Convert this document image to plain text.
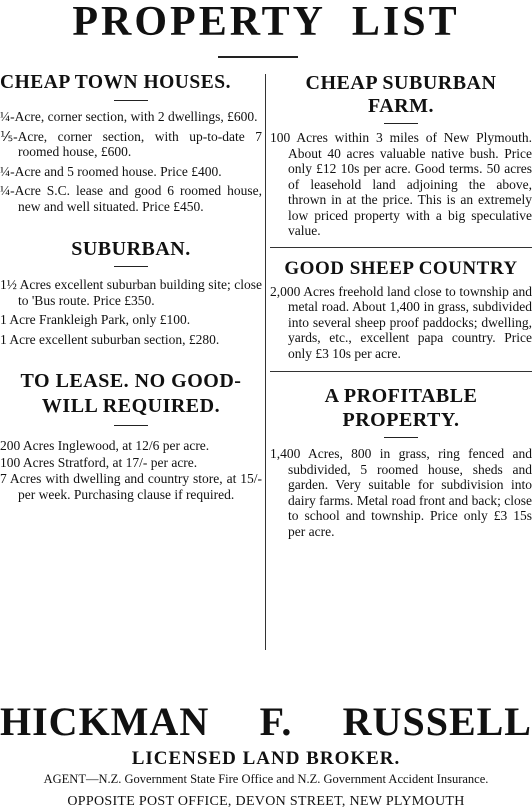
PROPERTY LIST
CHEAP TOWN HOUSES.

¼-Acre, corner section, with 2 dwellings, £600.

⅕-Acre, corner section, with up-to-date 7 roomed house, £600.

¼-Acre and 5 roomed house. Price £400.

¼-Acre S.C. lease and good 6 roomed house, new and well situated. Price £450.

SUBURBAN.

1½ Acres excellent suburban building site; close to 'Bus route. Price £350.

1 Acre Frankleigh Park, only £100.

1 Acre excellent suburban section, £280.

TO LEASE. NO GOOD-WILL REQUIRED.

200 Acres Inglewood, at 12/6 per acre.

100 Acres Stratford, at 17/- per acre.

7 Acres with dwelling and country store, at 15/- per week. Purchasing clause if required.

CHEAP SUBURBAN FARM.

100 Acres within 3 miles of New Plymouth. About 40 acres valuable native bush. Price only £12 10s per acre. Good terms. 50 acres of leasehold land adjoining the above, thrown in at the price. This is an extremely low priced property with a big speculative value.

GOOD SHEEP COUNTRY

2,000 Acres freehold land close to township and metal road. About 1,400 in grass, subdivided into several sheep proof paddocks; dwelling, yards, etc., excellent papa country. Price only £3 10s per acre.

A PROFITABLE PROPERTY.

1,400 Acres, 800 in grass, ring fenced and subdivided, 5 roomed house, sheds and garden. Very suitable for subdivision into dairy farms. Metal road front and back; close to school and township. Price only £3 15s per acre.

HICKMAN F. RUSSELL

LICENSED LAND BROKER.

AGENT—N.Z. Government State Fire Office and N.Z. Government Accident Insurance.

OPPOSITE POST OFFICE, DEVON STREET, NEW PLYMOUTH
